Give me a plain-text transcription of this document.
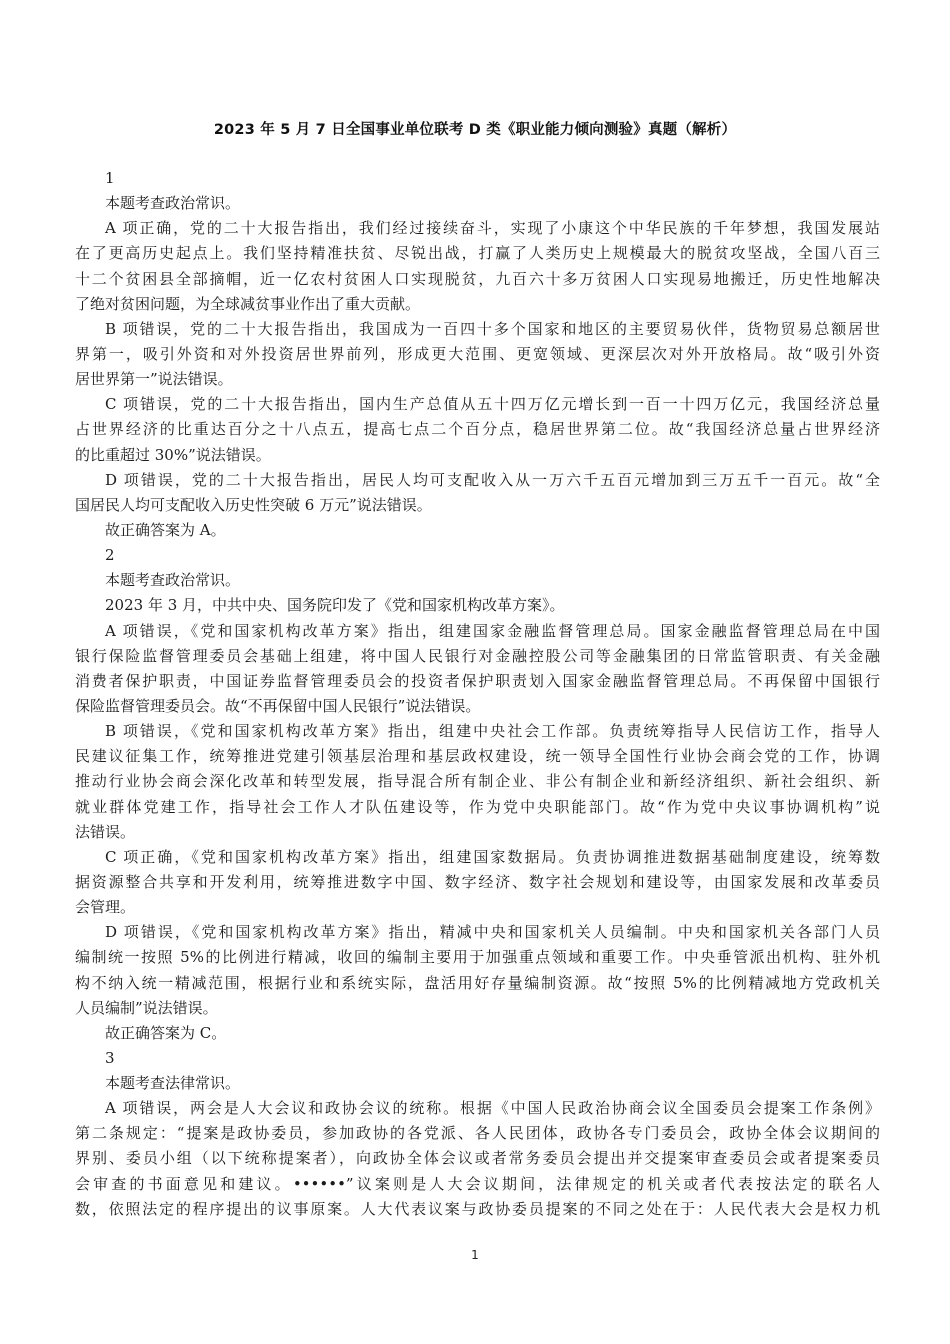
2023 年 5 月 7 日全国事业单位联考 D 类《职业能力倾向测验》真题（解析）
1
本题考查政治常识。
A 项正确，党的二十大报告指出，我们经过接续奋斗，实现了小康这个中华民族的千年梦想，我国发展站
在了更高历史起点上。我们坚持精准扶贫、尽锐出战，打赢了人类历史上规模最大的脱贫攻坚战，全国八百三
十二个贫困县全部摘帽，近一亿农村贫困人口实现脱贫，九百六十多万贫困人口实现易地搬迁，历史性地解决
了绝对贫困问题，为全球减贫事业作出了重大贡献。
B 项错误，党的二十大报告指出，我国成为一百四十多个国家和地区的主要贸易伙伴，货物贸易总额居世
界第一，吸引外资和对外投资居世界前列，形成更大范围、更宽领域、更深层次对外开放格局。故“吸引外资
居世界第一”说法错误。
C 项错误，党的二十大报告指出，国内生产总值从五十四万亿元增长到一百一十四万亿元，我国经济总量
占世界经济的比重达百分之十八点五，提高七点二个百分点，稳居世界第二位。故“我国经济总量占世界经济
的比重超过 30%”说法错误。
D 项错误，党的二十大报告指出，居民人均可支配收入从一万六千五百元增加到三万五千一百元。故“全
国居民人均可支配收入历史性突破 6 万元”说法错误。
故正确答案为 A。
2
本题考查政治常识。
2023 年 3 月，中共中央、国务院印发了《党和国家机构改革方案》。
A 项错误，《党和国家机构改革方案》指出，组建国家金融监督管理总局。国家金融监督管理总局在中国
银行保险监督管理委员会基础上组建，将中国人民银行对金融控股公司等金融集团的日常监管职责、有关金融
消费者保护职责，中国证券监督管理委员会的投资者保护职责划入国家金融监督管理总局。不再保留中国银行
保险监督管理委员会。故“不再保留中国人民银行”说法错误。
B 项错误，《党和国家机构改革方案》指出，组建中央社会工作部。负责统筹指导人民信访工作，指导人
民建议征集工作，统筹推进党建引领基层治理和基层政权建设，统一领导全国性行业协会商会党的工作，协调
推动行业协会商会深化改革和转型发展，指导混合所有制企业、非公有制企业和新经济组织、新社会组织、新
就业群体党建工作，指导社会工作人才队伍建设等，作为党中央职能部门。故“作为党中央议事协调机构”说
法错误。
C 项正确，《党和国家机构改革方案》指出，组建国家数据局。负责协调推进数据基础制度建设，统筹数
据资源整合共享和开发利用，统筹推进数字中国、数字经济、数字社会规划和建设等，由国家发展和改革委员
会管理。
D 项错误，《党和国家机构改革方案》指出，精减中央和国家机关人员编制。中央和国家机关各部门人员
编制统一按照 5%的比例进行精减，收回的编制主要用于加强重点领域和重要工作。中央垂管派出机构、驻外机
构不纳入统一精减范围，根据行业和系统实际，盘活用好存量编制资源。故“按照 5%的比例精减地方党政机关
人员编制”说法错误。
故正确答案为 C。
3
本题考查法律常识。
A 项错误，两会是人大会议和政协会议的统称。根据《中国人民政治协商会议全国委员会提案工作条例》
第二条规定：“提案是政协委员，参加政协的各党派、各人民团体，政协各专门委员会，政协全体会议期间的
界别、委员小组（以下统称提案者），向政协全体会议或者常务委员会提出并交提案审查委员会或者提案委员
会审查的书面意见和建议。••••••”议案则是人大会议期间，法律规定的机关或者代表按法定的联名人
数，依照法定的程序提出的议事原案。人大代表议案与政协委员提案的不同之处在于：人民代表大会是权力机
1
